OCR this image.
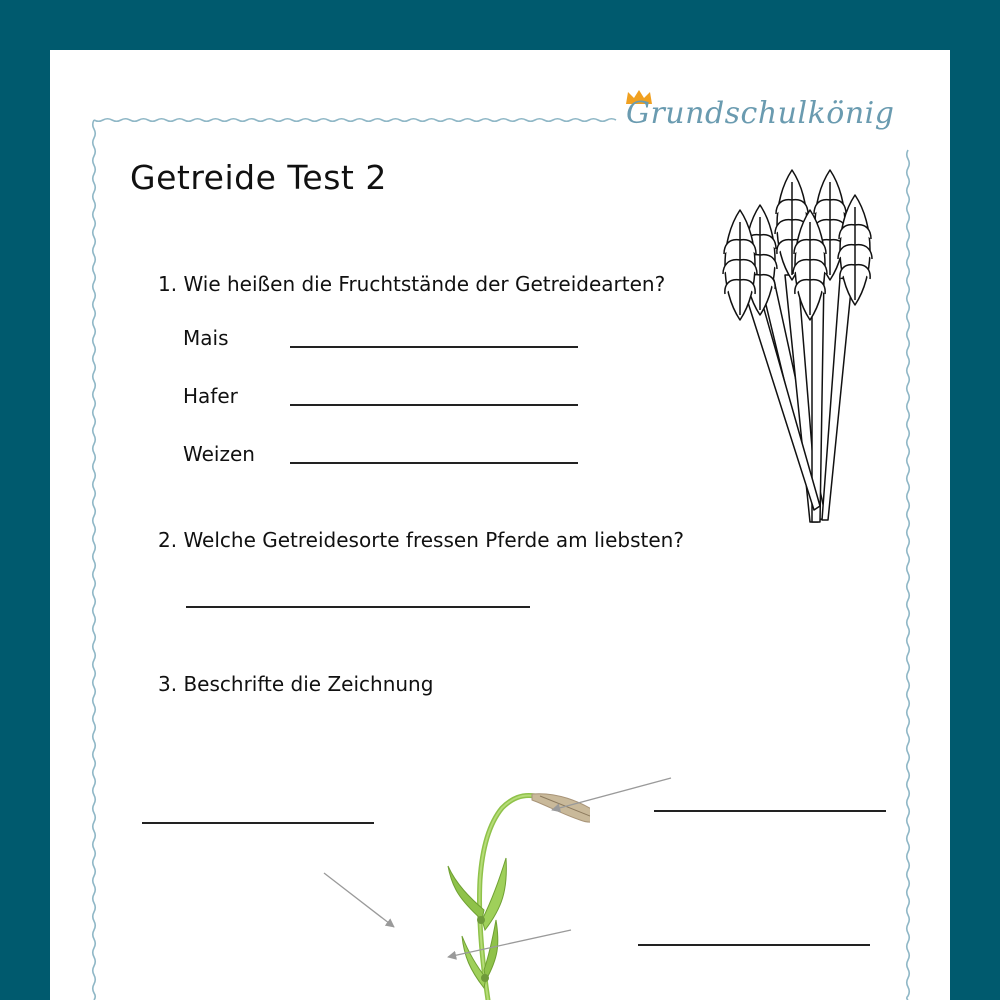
Grundschulkönig
Getreide Test 2
1. Wie heißen die Fruchtstände der Getreidearten?
Mais
Hafer
Weizen
2. Welche Getreidesorte fressen Pferde am liebsten?
3. Beschrifte die Zeichnung
